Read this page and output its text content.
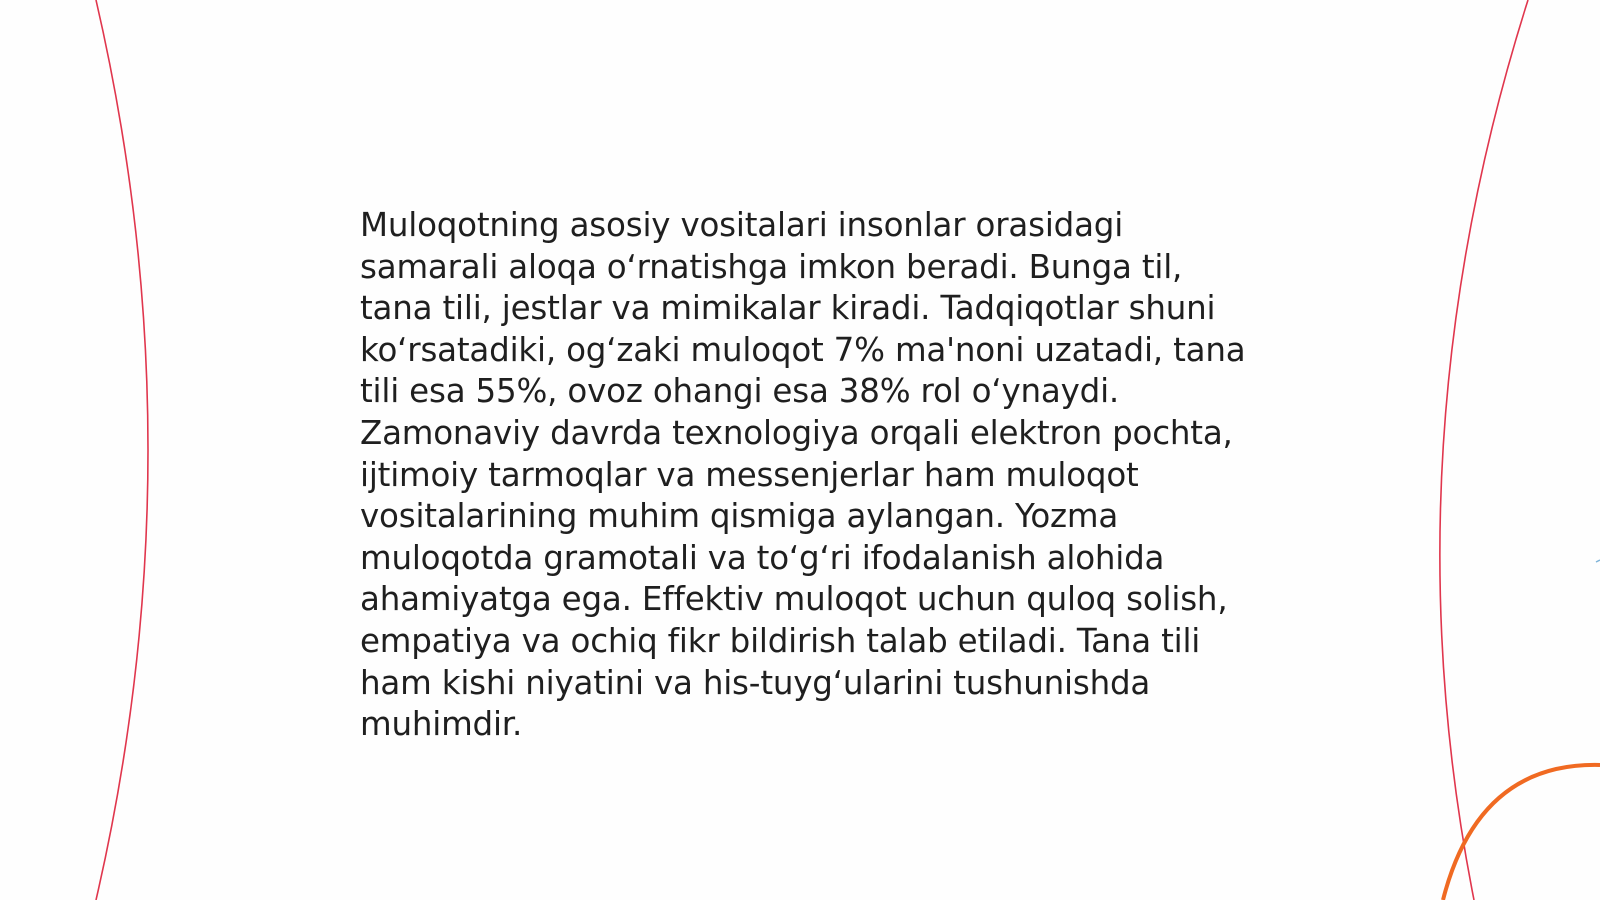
Muloqotning asosiy vositalari insonlar orasidagi
samarali aloqa oʻrnatishga imkon beradi. Bunga til,
tana tili, jestlar va mimikalar kiradi. Tadqiqotlar shuni
koʻrsatadiki, ogʻzaki muloqot 7% ma'noni uzatadi, tana
tili esa 55%, ovoz ohangi esa 38% rol oʻynaydi.
Zamonaviy davrda texnologiya orqali elektron pochta,
ijtimoiy tarmoqlar va messenjerlar ham muloqot
vositalarining muhim qismiga aylangan. Yozma
muloqotda gramotali va toʻgʻri ifodalanish alohida
ahamiyatga ega. Effektiv muloqot uchun quloq solish,
empatiya va ochiq fikr bildirish talab etiladi. Tana tili
ham kishi niyatini va his-tuygʻularini tushunishda
muhimdir.
